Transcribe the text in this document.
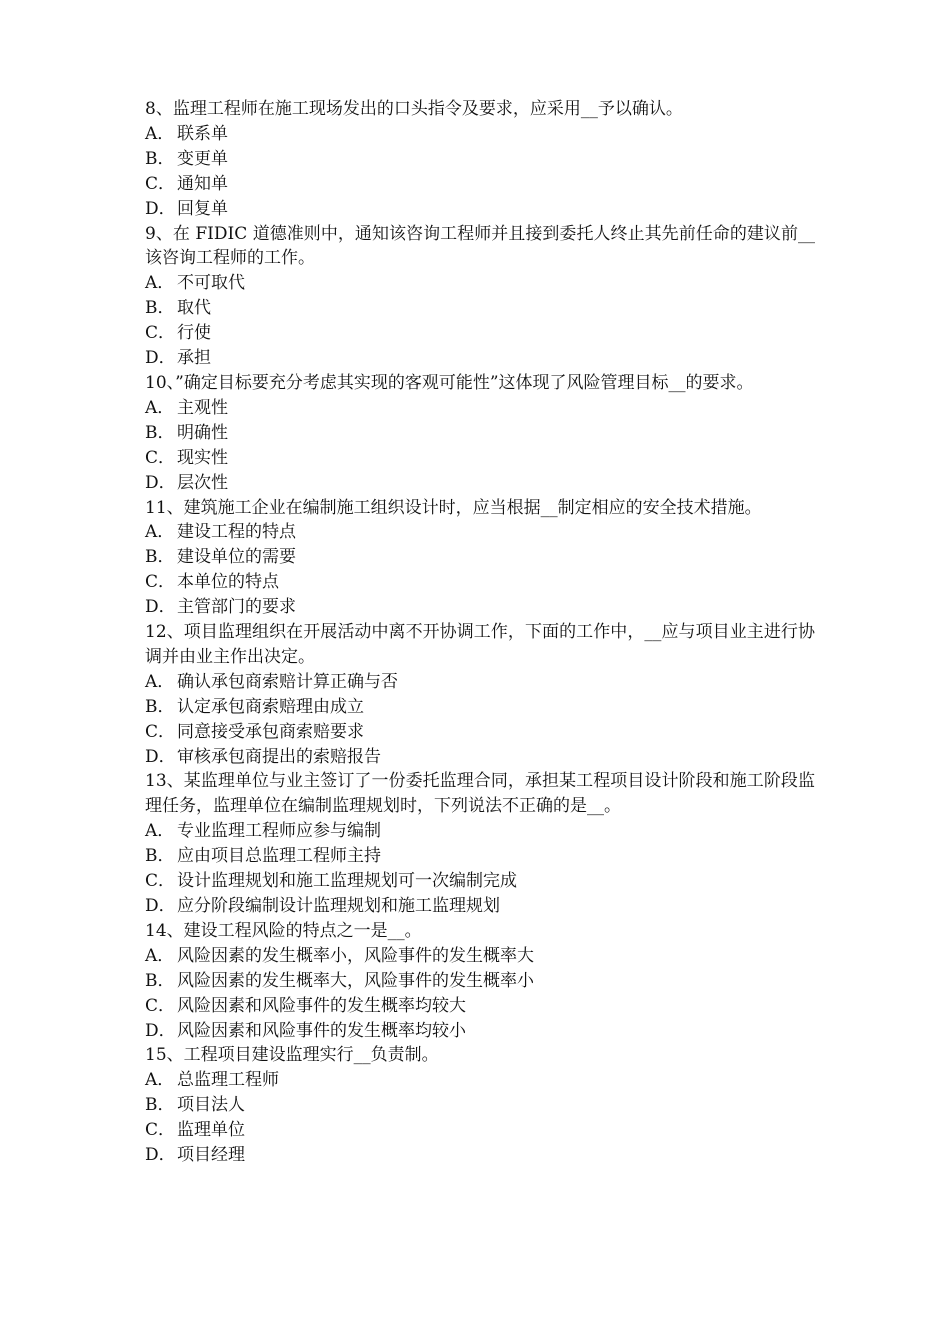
8、监理工程师在施工现场发出的口头指令及要求，应采用__予以确认。
A． 联系单
B． 变更单
C． 通知单
D．回复单
9、在 FIDIC 道德准则中，通知该咨询工程师并且接到委托人终止其先前任命的建议前__该咨询工程师的工作。
A． 不可取代
B． 取代
C． 行使
D．承担
10、”确定目标要充分考虑其实现的客观可能性”这体现了风险管理目标__的要求。
A． 主观性
B． 明确性
C． 现实性
D．层次性
11、建筑施工企业在编制施工组织设计时，应当根据__制定相应的安全技术措施。
A． 建设工程的特点
B． 建设单位的需要
C． 本单位的特点
D．主管部门的要求
12、项目监理组织在开展活动中离不开协调工作，下面的工作中，__应与项目业主进行协调并由业主作出决定。
A． 确认承包商索赔计算正确与否
B． 认定承包商索赔理由成立
C． 同意接受承包商索赔要求
D．审核承包商提出的索赔报告
13、某监理单位与业主签订了一份委托监理合同，承担某工程项目设计阶段和施工阶段监理任务，监理单位在编制监理规划时，下列说法不正确的是__。
A． 专业监理工程师应参与编制
B． 应由项目总监理工程师主持
C． 设计监理规划和施工监理规划可一次编制完成
D．应分阶段编制设计监理规划和施工监理规划
14、建设工程风险的特点之一是__。
A． 风险因素的发生概率小，风险事件的发生概率大
B． 风险因素的发生概率大，风险事件的发生概率小
C． 风险因素和风险事件的发生概率均较大
D．风险因素和风险事件的发生概率均较小
15、工程项目建设监理实行__负责制。
A． 总监理工程师
B． 项目法人
C． 监理单位
D．项目经理
